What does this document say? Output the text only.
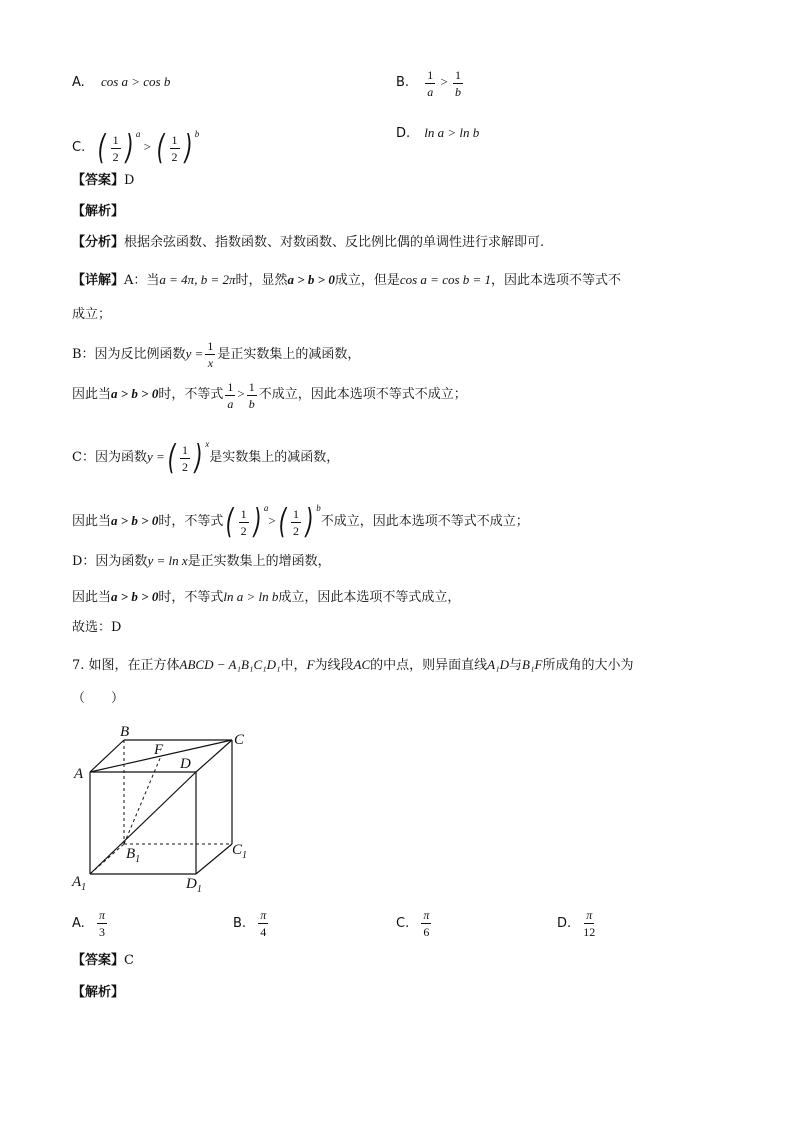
A. cos a > cos b	B. $\frac{1}{a} > \frac{1}{b}$
C. ( $\frac{1}{2}$ ) $^a$ > ( $\frac{1}{2}$ ) $^b$	D. ln a > ln b
【答案】D
【解析】
【分析】根据余弦函数、指数函数、对数函数、反比例比偶的单调性进行求解即可.
【详解】A：当a = 4π, b = 2π时，显然a > b > 0成立，但是cos a = cos b = 1，因此本选项不等式不
成立；
B：因为反比例函数$y = \frac{1}{x}$ 是正实数集上的减函数，
因此当a > b > 0时，不等式 $\frac{1}{a} > \frac{1}{b}$ 不成立，因此本选项不等式不成立；
C：因为函数y = ( $\frac{1}{2}$ ) $^x$是实数集上的减函数，
因此当a > b > 0时，不等式 ( $\frac{1}{2}$ ) $^a$> ( $\frac{1}{2}$ ) $^b$不成立，因此本选项不等式不成立；
D：因为函数y = ln x是正实数集上的增函数，
因此当a > b > 0时，不等式ln a > ln b成立，因此本选项不等式成立，
故选：D
7. 如图，在正方体ABCD − A₁B₁C₁D₁中，F为线段AC的中点，则异面直线A₁D与B₁F所成角的大小为
（　　）
A
B	C
D
F
$B_1$
$C_1$
$A_1$	$D_1$
A. $\frac{\pi}{3}$	B. $\frac{\pi}{4}$	C. $\frac{\pi}{6}$	D. $\frac{\pi}{12}$
【答案】C
【解析】
